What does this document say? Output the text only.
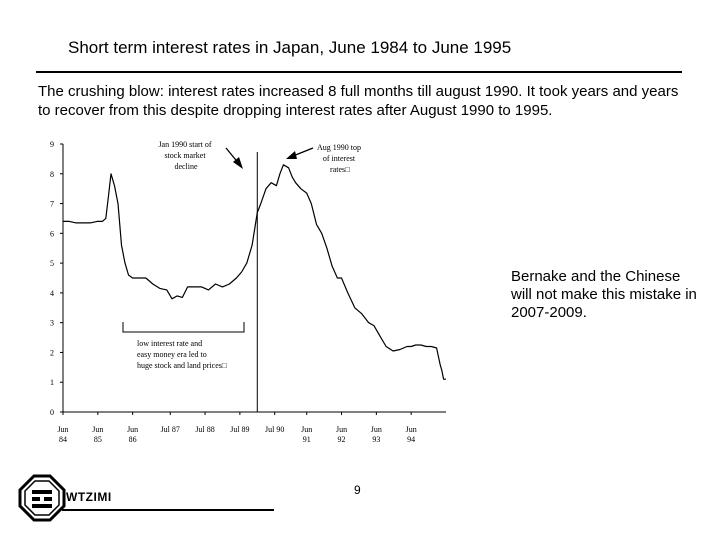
Short term interest rates in Japan, June 1984 to June 1995
The crushing blow: interest rates increased 8 full months till august 1990. It took years and years to recover from this despite dropping interest rates after August 1990 to 1995.
0
1
2
3
4
5
6
7
8
9
Jun 84
Jun 85
Jun 86
Jul 87 Jul 88 Jul 89 Jul 90 Jun 91
Jun 92
Jun 93
Jun 94
Jan 1990 start of stock market decline
Aug 1990 top of interest rates□
low interest rate and easy money era led to huge stock and land prices□
Bernake and the Chinese will not make this mistake in 2007-2009.
WTZIMI	9
